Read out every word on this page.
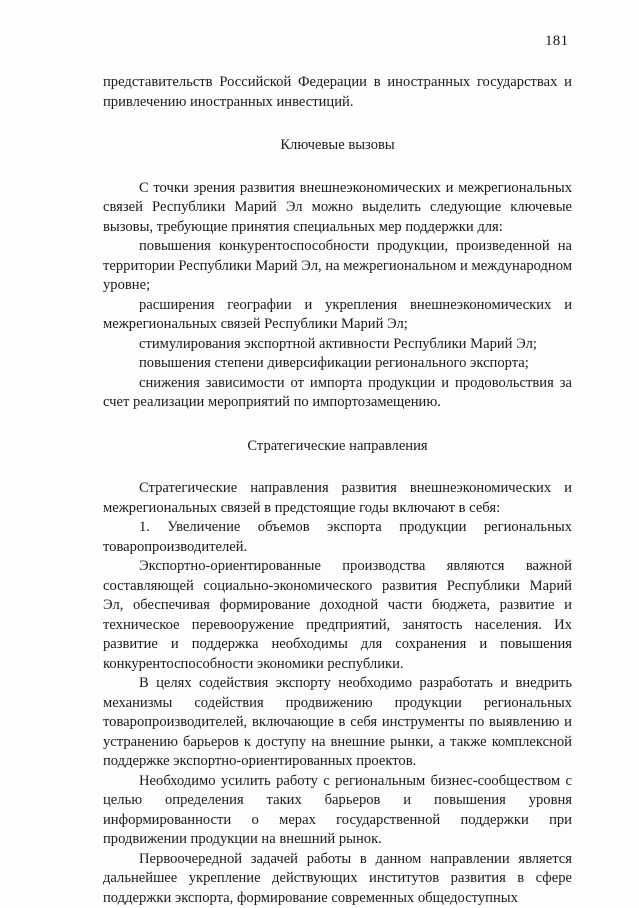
181

представительств Российской Федерации в иностранных государствах и привлечению иностранных инвестиций.

Ключевые вызовы

С точки зрения развития внешнеэкономических и межрегиональных связей Республики Марий Эл можно выделить следующие ключевые вызовы, требующие принятия специальных мер поддержки для:

повышения конкурентоспособности продукции, произведенной на территории Республики Марий Эл, на межрегиональном и международном уровне;

расширения географии и укрепления внешнеэкономических и межрегиональных связей Республики Марий Эл;

стимулирования экспортной активности Республики Марий Эл;

повышения степени диверсификации регионального экспорта;

снижения зависимости от импорта продукции и продовольствия за счет реализации мероприятий по импортозамещению.

Стратегические направления

Стратегические направления развития внешнеэкономических и межрегиональных связей в предстоящие годы включают в себя:

1. Увеличение объемов экспорта продукции региональных товаропроизводителей.

Экспортно-ориентированные производства являются важной составляющей социально-экономического развития Республики Марий Эл, обеспечивая формирование доходной части бюджета, развитие и техническое перевооружение предприятий, занятость населения. Их развитие и поддержка необходимы для сохранения и повышения конкурентоспособности экономики республики.

В целях содействия экспорту необходимо разработать и внедрить механизмы содействия продвижению продукции региональных товаропроизводителей, включающие в себя инструменты по выявлению и устранению барьеров к доступу на внешние рынки, а также комплексной поддержке экспортно-ориентированных проектов.

Необходимо усилить работу с региональным бизнес-сообществом с целью определения таких барьеров и повышения уровня информированности о мерах государственной поддержки при продвижении продукции на внешний рынок.

Первоочередной задачей работы в данном направлении является дальнейшее укрепление действующих институтов развития в сфере поддержки экспорта, формирование современных общедоступных
